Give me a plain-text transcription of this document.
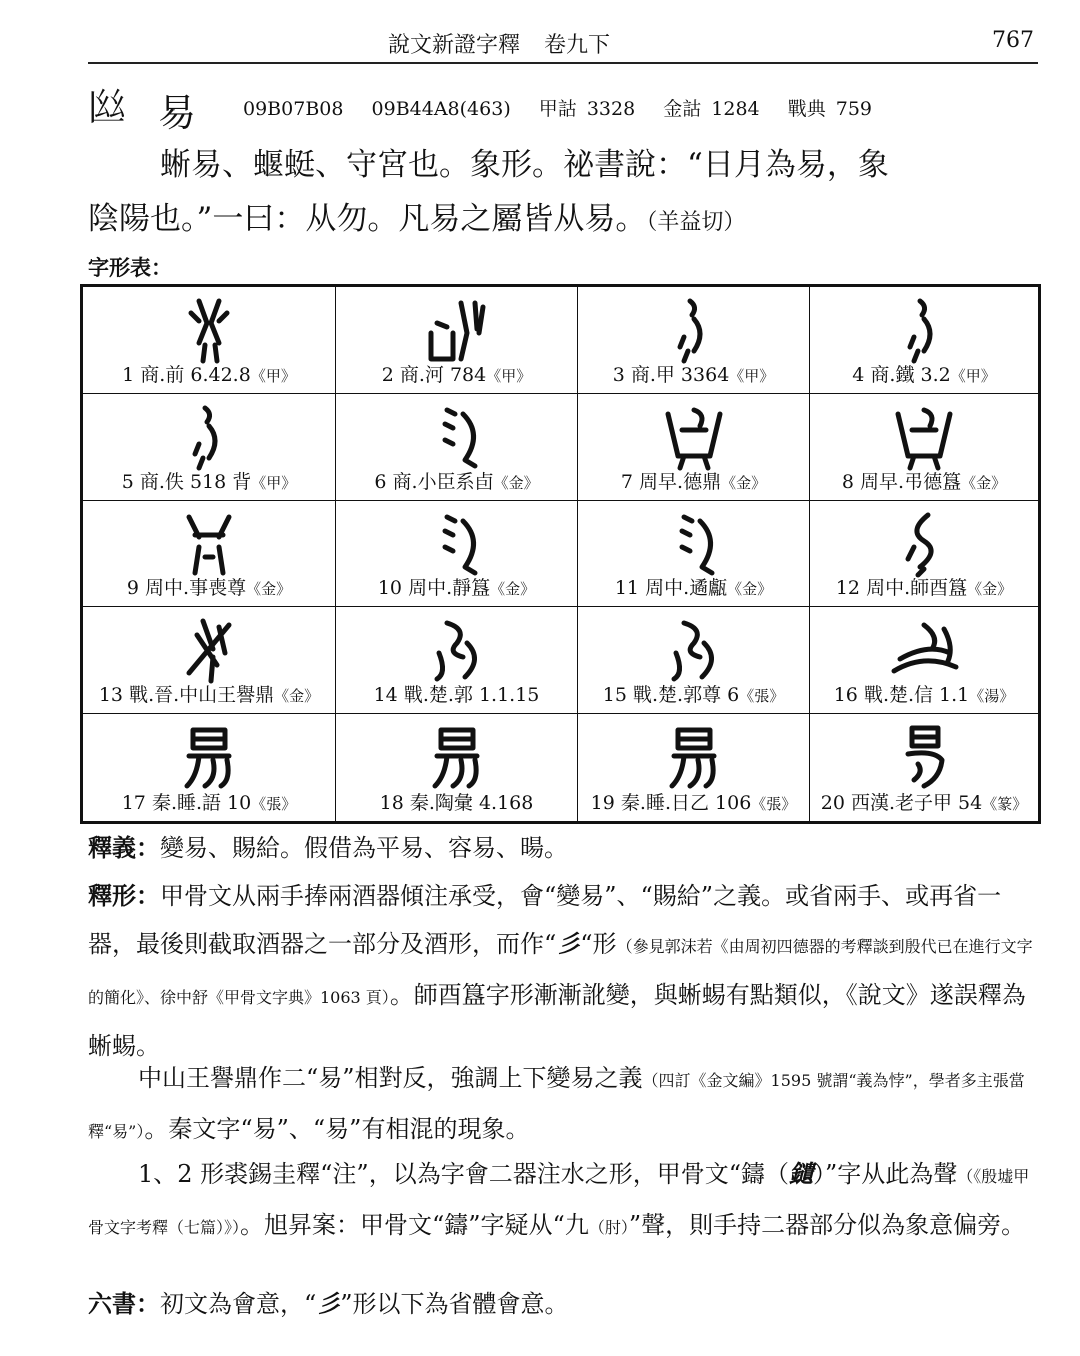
說文新證字釋 卷九下	767
𢆸 易 09B07B08 09B44A8(463) 甲詁 3328 金詁 1284 戰典 759
蜥易、蝘蜓、守宮也。象形。祕書說：“日月為易，象
陰陽也。”一曰：从勿。凡易之屬皆从易。（羊益切）
字形表：
1 商.前 6.42.8《甲》	2 商.河 784《甲》	3 商.甲 3364《甲》	4 商.鐵 3.2《甲》
5 商.佚 518 背《甲》	6 商.小臣系卣《金》	7 周早.德鼎《金》	8 周早.弔德簋《金》
9 周中.事喪尊《金》	10 周中.靜簋《金》	11 周中.遹甗《金》	12 周中.師酉簋《金》
13 戰.晉.中山王譽鼎《金》	14 戰.楚.郭 1.1.15	15 戰.楚.郭尊 6《張》	16 戰.楚.信 1.1《湯》
17 秦.睡.語 10《張》	18 秦.陶彙 4.168	19 秦.睡.日乙 106《張》	20 西漢.老子甲 54《篆》
釋義：變易、賜給。假借為平易、容易、暘。
釋形：甲骨文从兩手捧兩酒器傾注承受，會“變易”、“賜給”之義。或省兩手、或再省一器，最後則截取酒器之一部分及酒形，而作“彡“形（參見郭沫若《由周初四德器的考釋談到殷代已在進行文字的簡化》、徐中舒《甲骨文字典》1063 頁）。師酉簋字形漸漸訛變，與蜥蜴有點類似，《說文》遂誤釋為蜥蜴。
中山王譽鼎作二“易”相對反，強調上下變易之義（四訂《金文編》1595 號謂“義為悖”，學者多主張當釋“易”）。秦文字“易”、“易”有相混的現象。
1、2 形裘錫圭釋“注”，以為字會二器注水之形，甲骨文“鑄（𨯯）”字从此為聲（《殷墟甲骨文字考釋（七篇）》）。旭昇案：甲骨文“鑄”字疑从“九（肘）”聲，則手持二器部分似為象意偏旁。
六書：初文為會意，“彡”形以下為省體會意。
